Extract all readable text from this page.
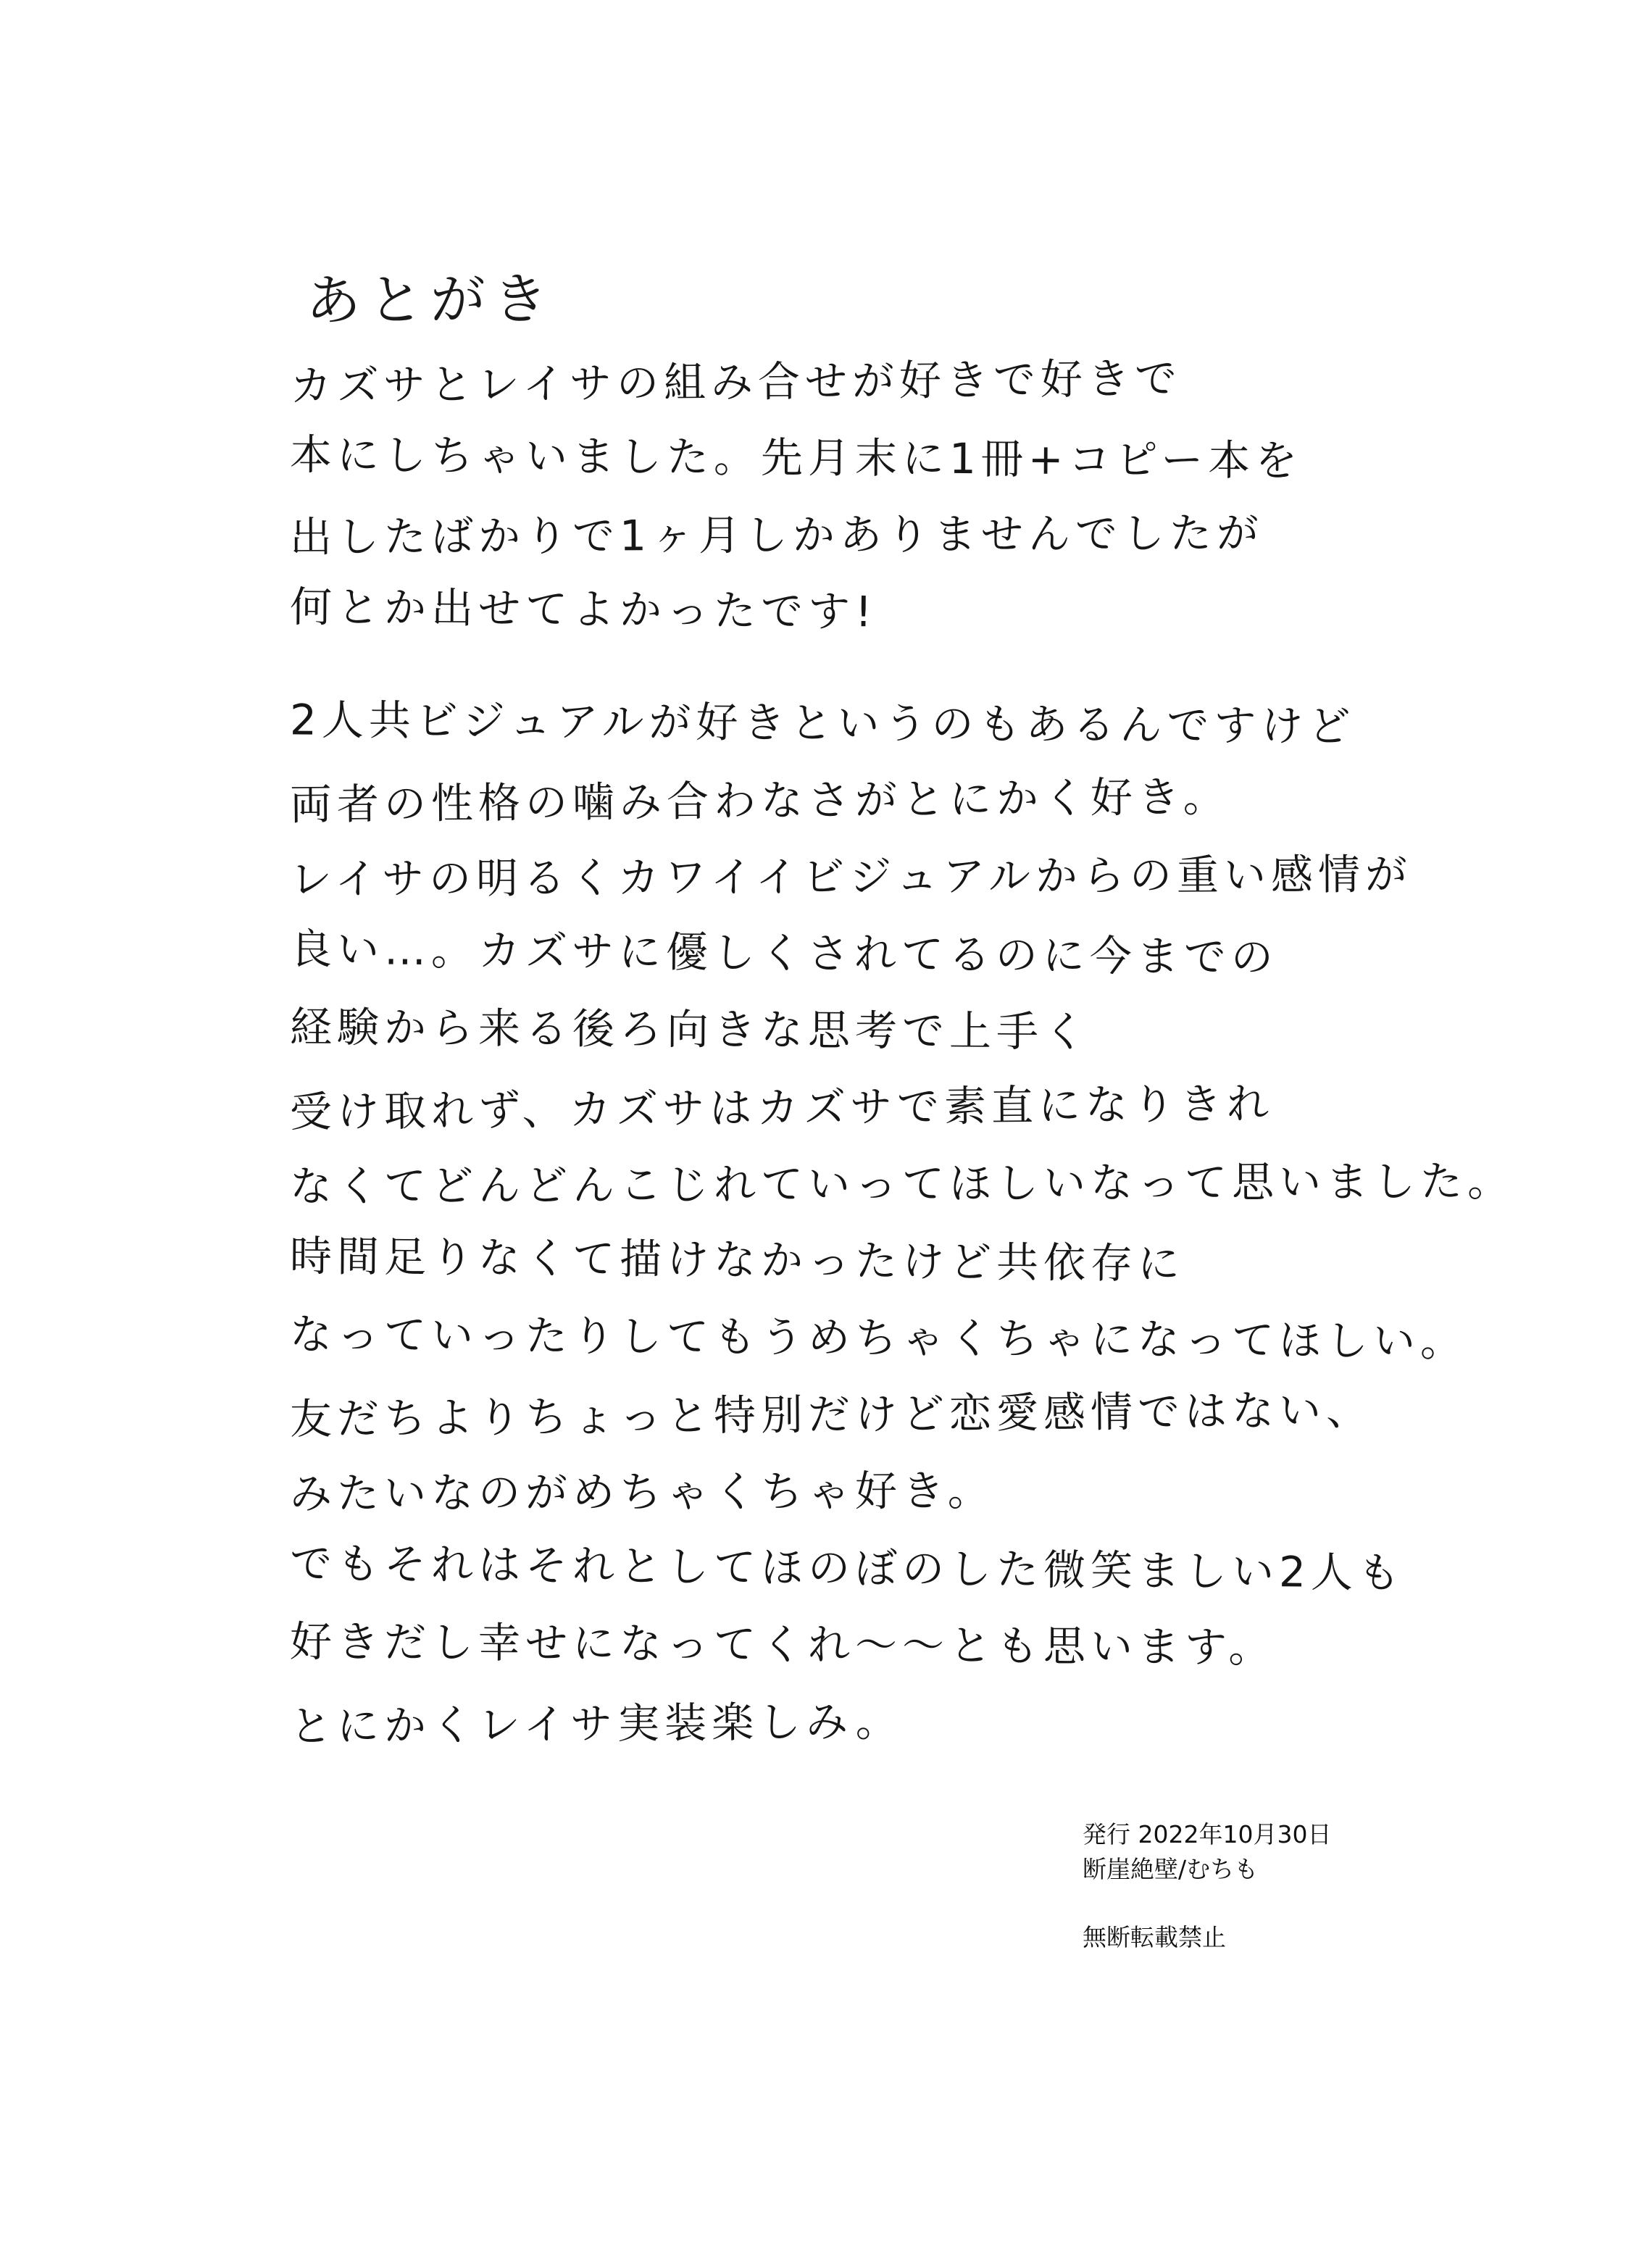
あとがき
カズサとレイサの組み合せが好きで好きで
本にしちゃいました。先月末に1冊+コピー本を
出したばかりで1ヶ月しかありませんでしたが
何とか出せてよかったです!
2人共ビジュアルが好きというのもあるんですけど
両者の性格の噛み合わなさがとにかく好き。
レイサの明るくカワイイビジュアルからの重い感情が
良い…。カズサに優しくされてるのに今までの
経験から来る後ろ向きな思考で上手く
受け取れず、カズサはカズサで素直になりきれ
なくてどんどんこじれていってほしいなって思いました。
時間足りなくて描けなかったけど共依存に
なっていったりしてもうめちゃくちゃになってほしい。
友だちよりちょっと特別だけど恋愛感情ではない、
みたいなのがめちゃくちゃ好き。
でもそれはそれとしてほのぼのした微笑ましい2人も
好きだし幸せになってくれ〜〜とも思います。
とにかくレイサ実装楽しみ。
発行 2022年10月30日
断崖絶壁/むちも
無断転載禁止
